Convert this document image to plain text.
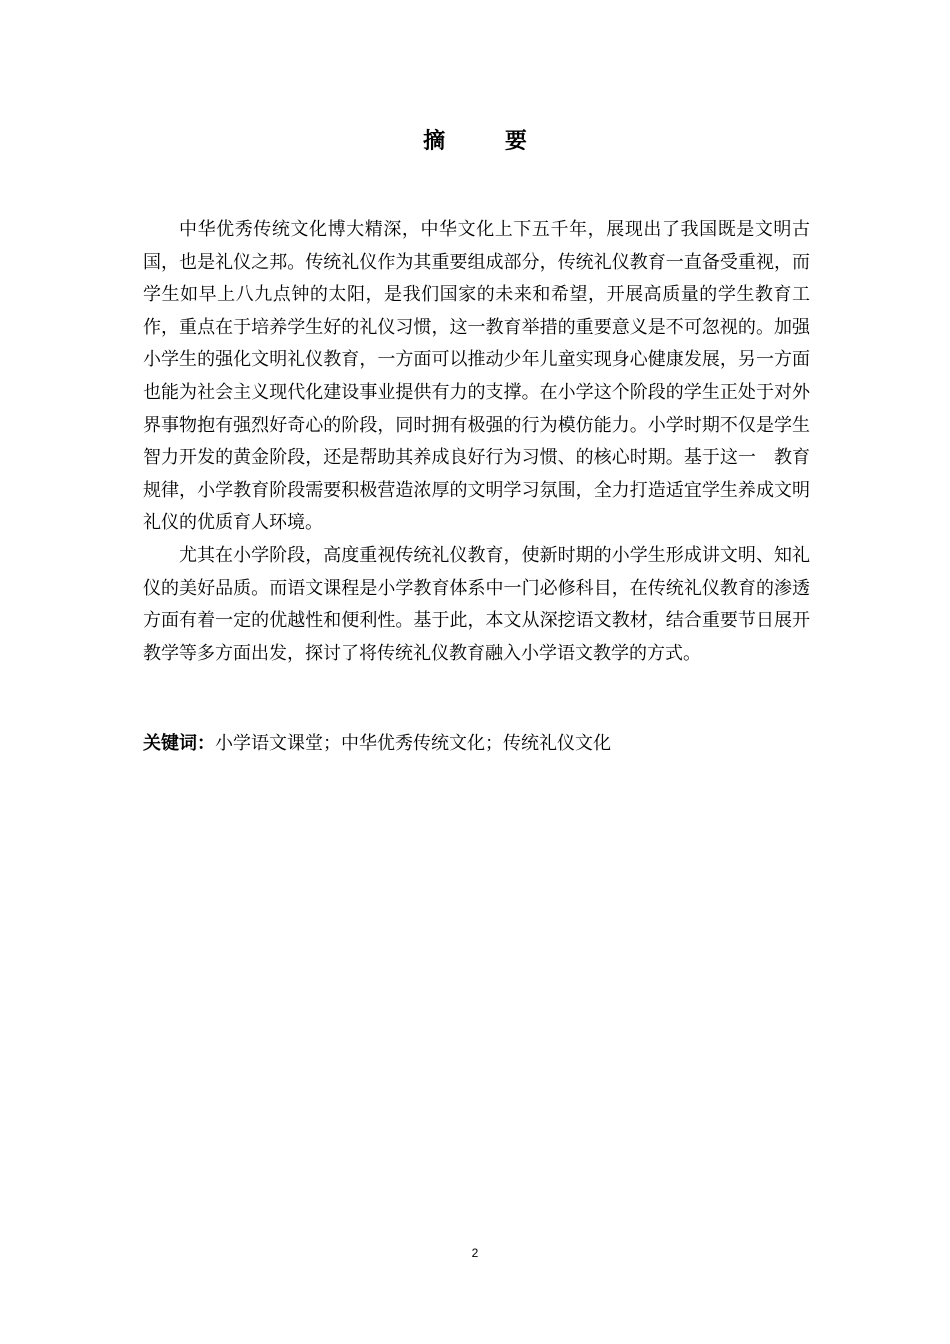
摘 要

中华优秀传统文化博大精深，中华文化上下五千年，展现出了我国既是文明古国，也是礼仪之邦。传统礼仪作为其重要组成部分，传统礼仪教育一直备受重视，而学生如早上八九点钟的太阳，是我们国家的未来和希望，开展高质量的学生教育工作，重点在于培养学生好的礼仪习惯，这一教育举措的重要意义是不可忽视的。加强小学生的强化文明礼仪教育，一方面可以推动少年儿童实现身心健康发展，另一方面也能为社会主义现代化建设事业提供有力的支撑。在小学这个阶段的学生正处于对外界事物抱有强烈好奇心的阶段，同时拥有极强的行为模仿能力。小学时期不仅是学生智力开发的黄金阶段，还是帮助其养成良好行为习惯、的核心时期。基于这一　教育规律，小学教育阶段需要积极营造浓厚的文明学习氛围，全力打造适宜学生养成文明礼仪的优质育人环境。

尤其在小学阶段，高度重视传统礼仪教育，使新时期的小学生形成讲文明、知礼仪的美好品质。而语文课程是小学教育体系中一门必修科目，在传统礼仪教育的渗透方面有着一定的优越性和便利性。基于此，本文从深挖语文教材，结合重要节日展开教学等多方面出发，探讨了将传统礼仪教育融入小学语文教学的方式。

关键词：小学语文课堂；中华优秀传统文化；传统礼仪文化
2
